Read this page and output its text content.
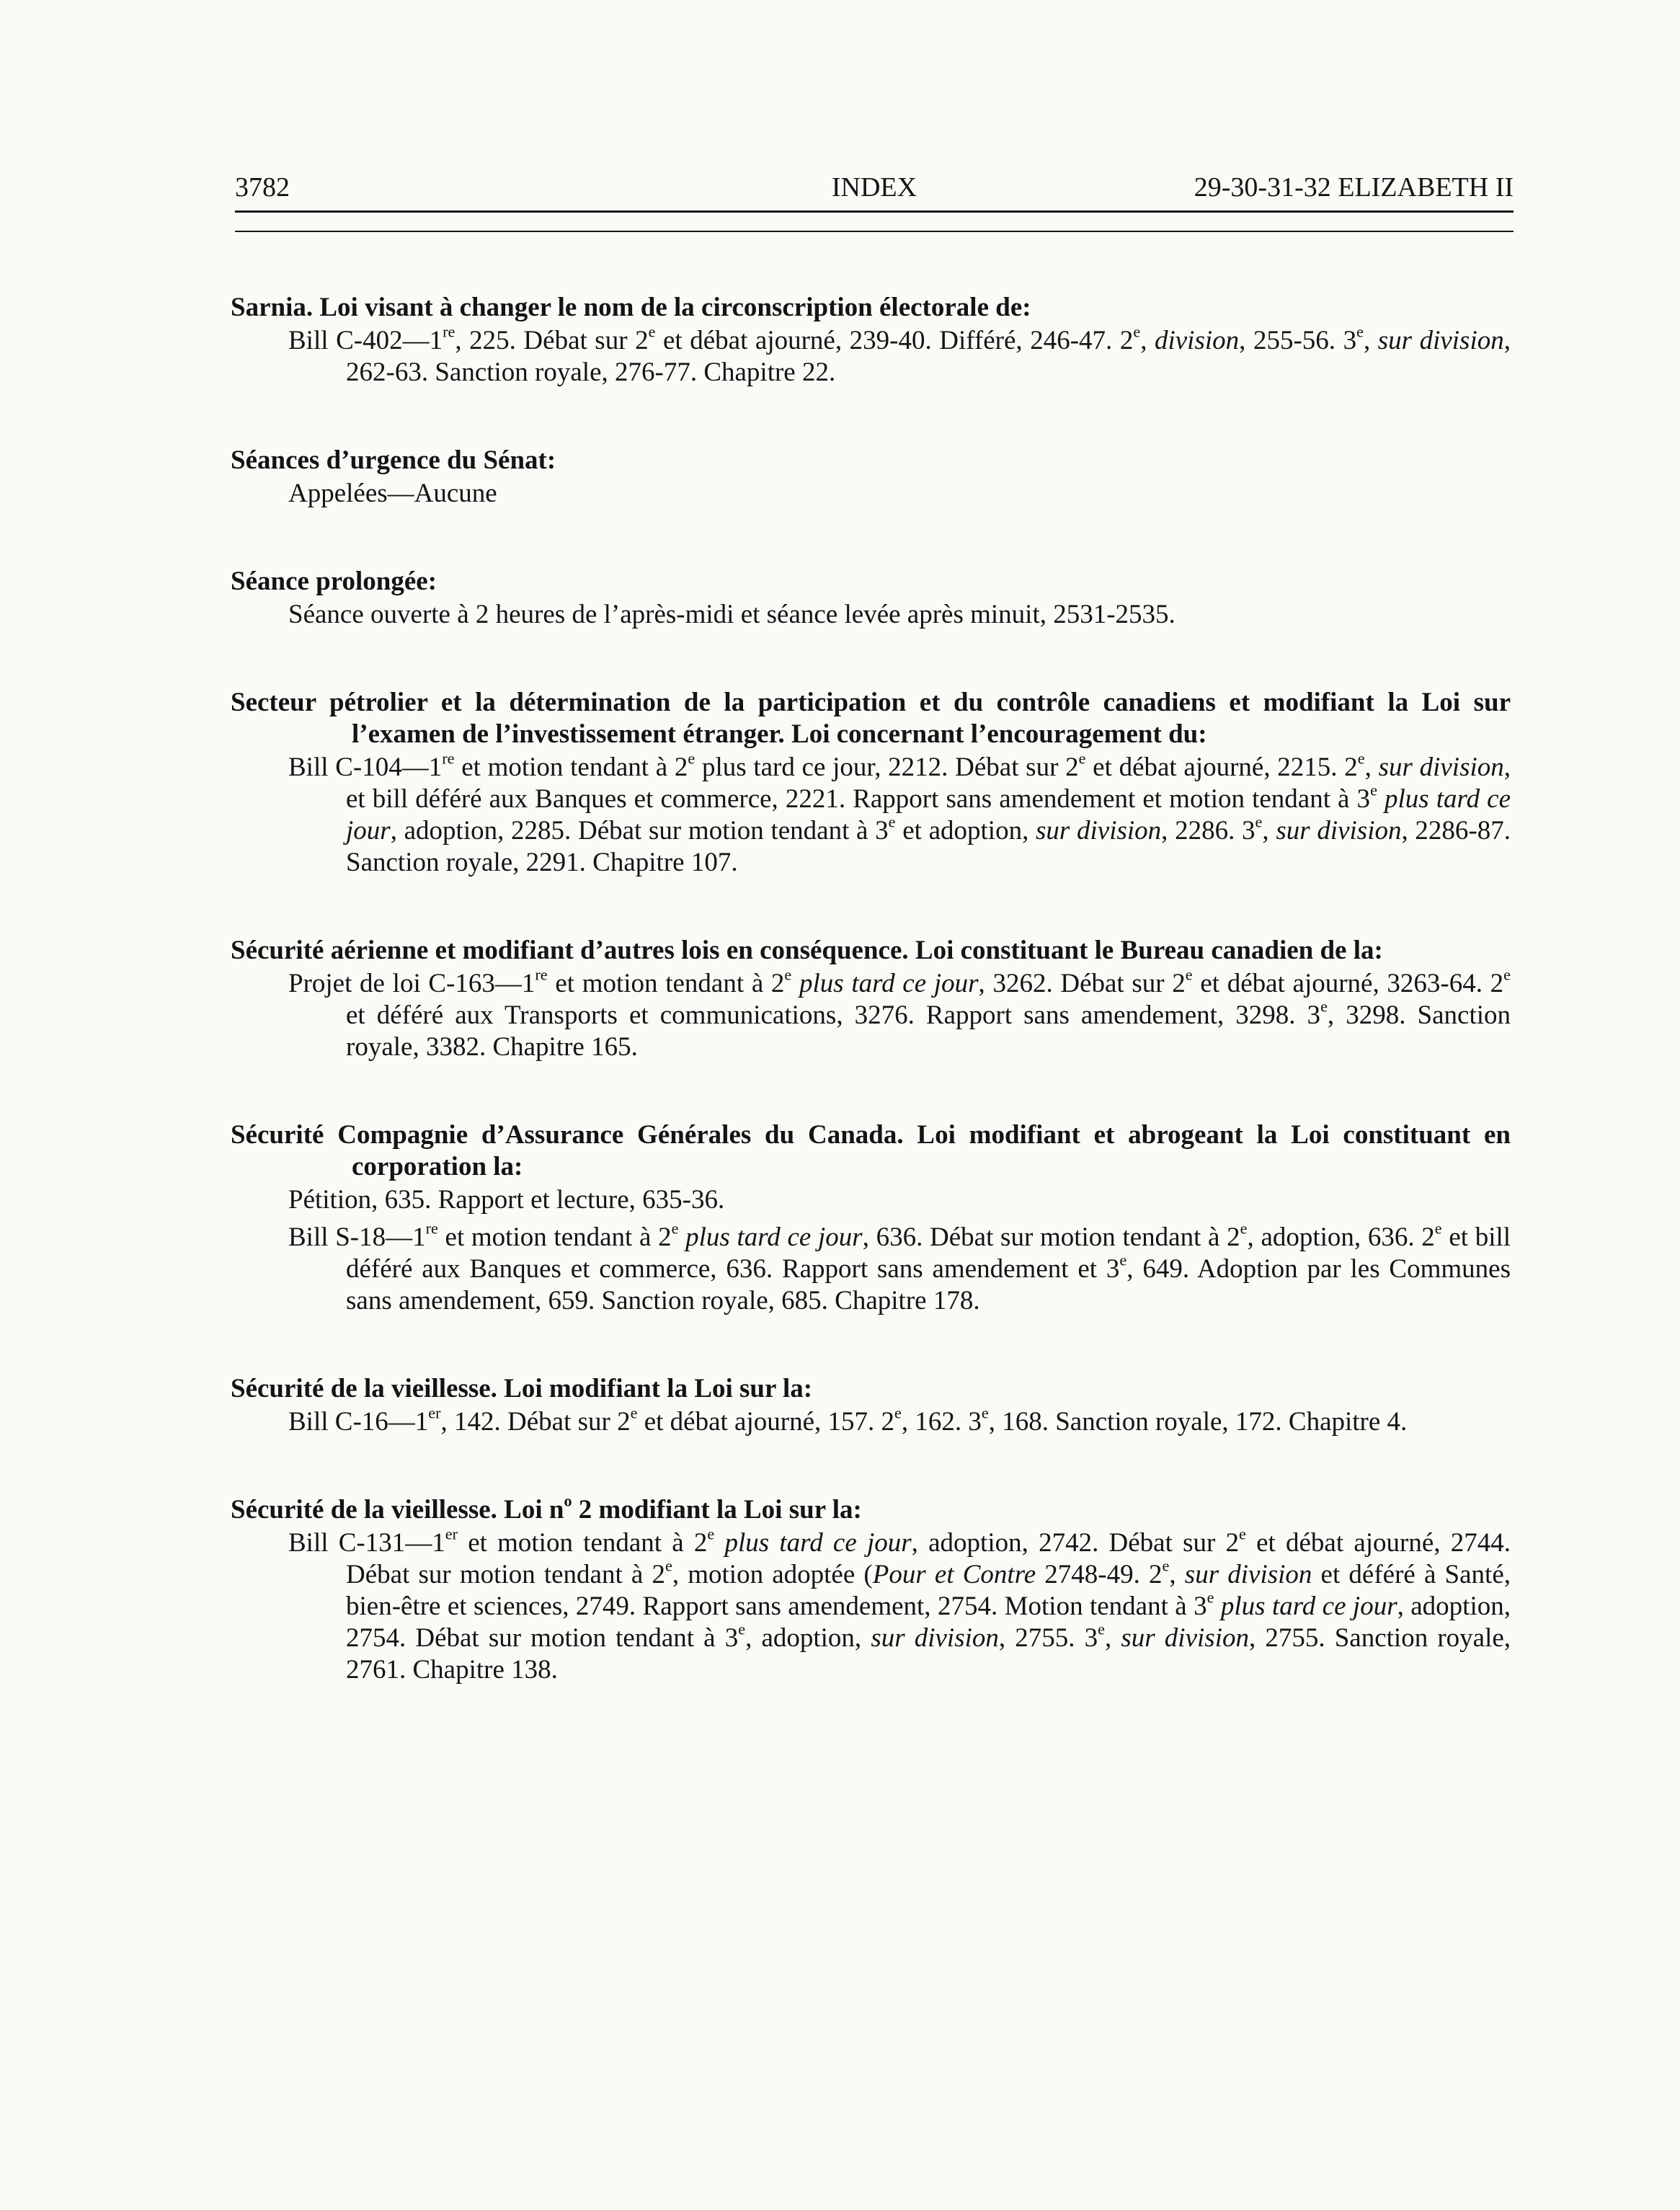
3782	INDEX	29-30-31-32 ELIZABETH II
Sarnia. Loi visant à changer le nom de la circonscription électorale de:
Bill C-402—1re, 225. Débat sur 2e et débat ajourné, 239-40. Différé, 246-47. 2e, division, 255-56. 3e, sur division, 262-63. Sanction royale, 276-77. Chapitre 22.
Séances d’urgence du Sénat:
Appelées—Aucune
Séance prolongée:
Séance ouverte à 2 heures de l’après-midi et séance levée après minuit, 2531-2535.
Secteur pétrolier et la détermination de la participation et du contrôle canadiens et modifiant la Loi sur l’examen de l’investissement étranger. Loi concernant l’encouragement du:
Bill C-104—1re et motion tendant à 2e plus tard ce jour, 2212. Débat sur 2e et débat ajourné, 2215. 2e, sur division, et bill déféré aux Banques et commerce, 2221. Rapport sans amendement et motion tendant à 3e plus tard ce jour, adoption, 2285. Débat sur motion tendant à 3e et adoption, sur division, 2286. 3e, sur division, 2286-87. Sanction royale, 2291. Chapitre 107.
Sécurité aérienne et modifiant d’autres lois en conséquence. Loi constituant le Bureau canadien de la:
Projet de loi C-163—1re et motion tendant à 2e plus tard ce jour, 3262. Débat sur 2e et débat ajourné, 3263-64. 2e et déféré aux Transports et communications, 3276. Rapport sans amendement, 3298. 3e, 3298. Sanction royale, 3382. Chapitre 165.
Sécurité Compagnie d’Assurance Générales du Canada. Loi modifiant et abrogeant la Loi constituant en corporation la:
Pétition, 635. Rapport et lecture, 635-36.
Bill S-18—1re et motion tendant à 2e plus tard ce jour, 636. Débat sur motion tendant à 2e, adoption, 636. 2e et bill déféré aux Banques et commerce, 636. Rapport sans amendement et 3e, 649. Adoption par les Communes sans amendement, 659. Sanction royale, 685. Chapitre 178.
Sécurité de la vieillesse. Loi modifiant la Loi sur la:
Bill C-16—1er, 142. Débat sur 2e et débat ajourné, 157. 2e, 162. 3e, 168. Sanction royale, 172. Chapitre 4.
Sécurité de la vieillesse. Loi $n^o$ 2 modifiant la Loi sur la:
Bill C-131—1er et motion tendant à 2e plus tard ce jour, adoption, 2742. Débat sur 2e et débat ajourné, 2744. Débat sur motion tendant à 2e, motion adoptée (Pour et Contre 2748-49. 2e, sur division et déféré à Santé, bien-être et sciences, 2749. Rapport sans amendement, 2754. Motion tendant à 3e plus tard ce jour, adoption, 2754. Débat sur motion tendant à 3e, adoption, sur division, 2755. 3e, sur division, 2755. Sanction royale, 2761. Chapitre 138.
